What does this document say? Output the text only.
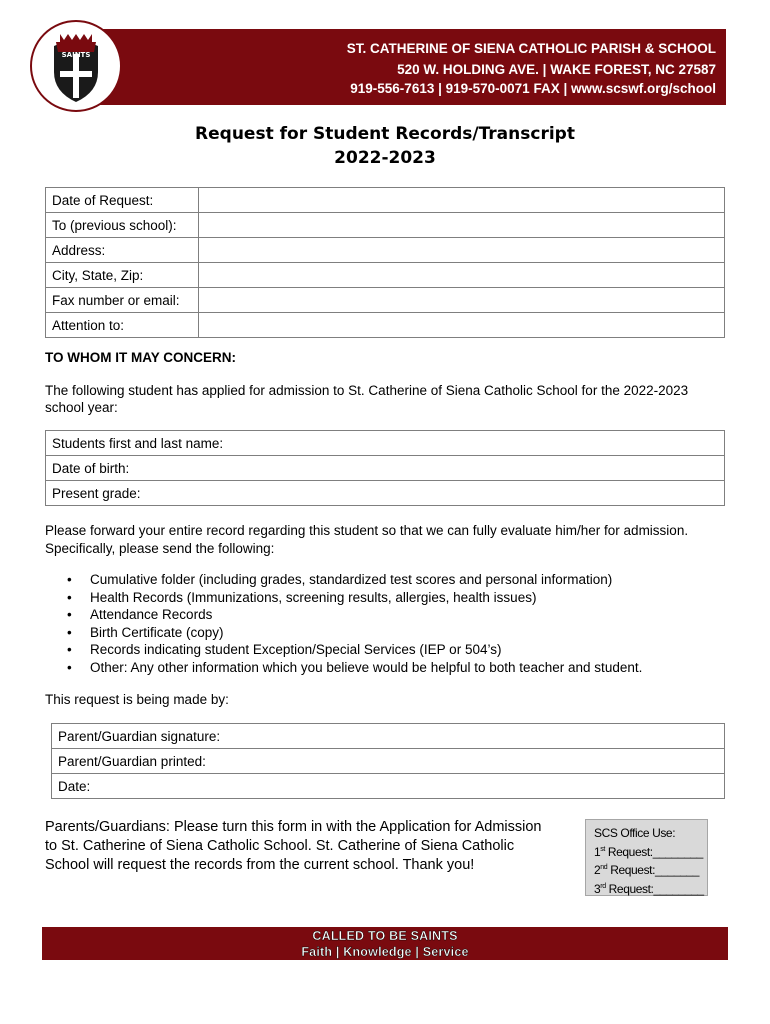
ST. CATHERINE OF SIENA CATHOLIC PARISH & SCHOOL
520 W. HOLDING AVE. | WAKE FOREST, NC 27587
919-556-7613 | 919-570-0071 FAX | www.scswf.org/school
SAINTS
Request for Student Records/Transcript
2022-2023
Date of Request:	
To (previous school):	
Address:	
City, State, Zip:	
Fax number or email:	
Attention to:	
TO WHOM IT MAY CONCERN:
The following student has applied for admission to St. Catherine of Siena Catholic School for the 2022-2023
school year:
Students first and last name:
Date of birth:
Present grade:
Please forward your entire record regarding this student so that we can fully evaluate him/her for admission.
Specifically, please send the following:
• Cumulative folder (including grades, standardized test scores and personal information)
• Health Records (Immunizations, screening results, allergies, health issues)
• Attendance Records
• Birth Certificate (copy)
• Records indicating student Exception/Special Services (IEP or 504’s)
• Other: Any other information which you believe would be helpful to both teacher and student.
This request is being made by:
Parent/Guardian signature:
Parent/Guardian printed:
Date:
Parents/Guardians: Please turn this form in with the Application for Admission
to St. Catherine of Siena Catholic School. St. Catherine of Siena Catholic
School will request the records from the current school. Thank you!
SCS Office Use:
1st Request:________
2nd Request:_______
3rd Request:________
CALLED TO BE SAINTS
Faith | Knowledge | Service
